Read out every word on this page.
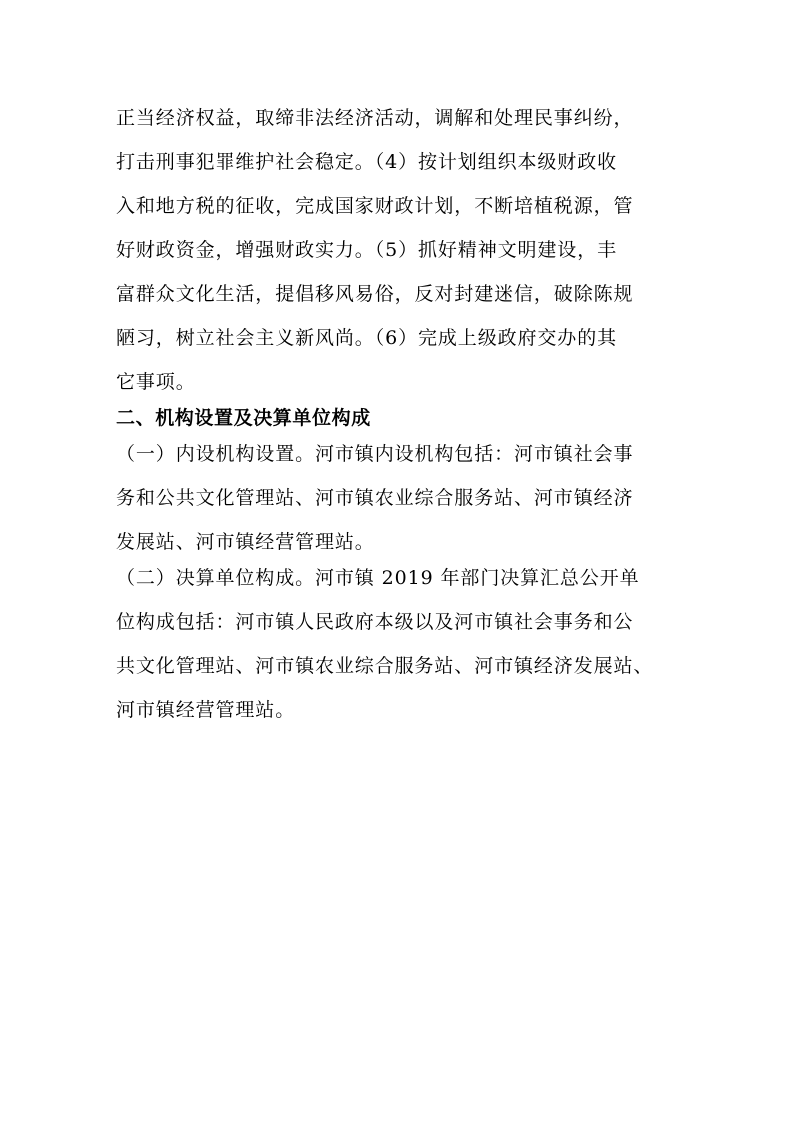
正当经济权益，取缔非法经济活动，调解和处理民事纠纷，
打击刑事犯罪维护社会稳定。（4）按计划组织本级财政收
入和地方税的征收，完成国家财政计划，不断培植税源，管
好财政资金，增强财政实力。（5）抓好精神文明建设，丰
富群众文化生活，提倡移风易俗，反对封建迷信，破除陈规
陋习，树立社会主义新风尚。（6）完成上级政府交办的其
它事项。
二、机构设置及决算单位构成
（一）内设机构设置。河市镇内设机构包括：河市镇社会事
务和公共文化管理站、河市镇农业综合服务站、河市镇经济
发展站、河市镇经营管理站。
（二）决算单位构成。河市镇 2019 年部门决算汇总公开单
位构成包括：河市镇人民政府本级以及河市镇社会事务和公
共文化管理站、河市镇农业综合服务站、河市镇经济发展站、
河市镇经营管理站。
